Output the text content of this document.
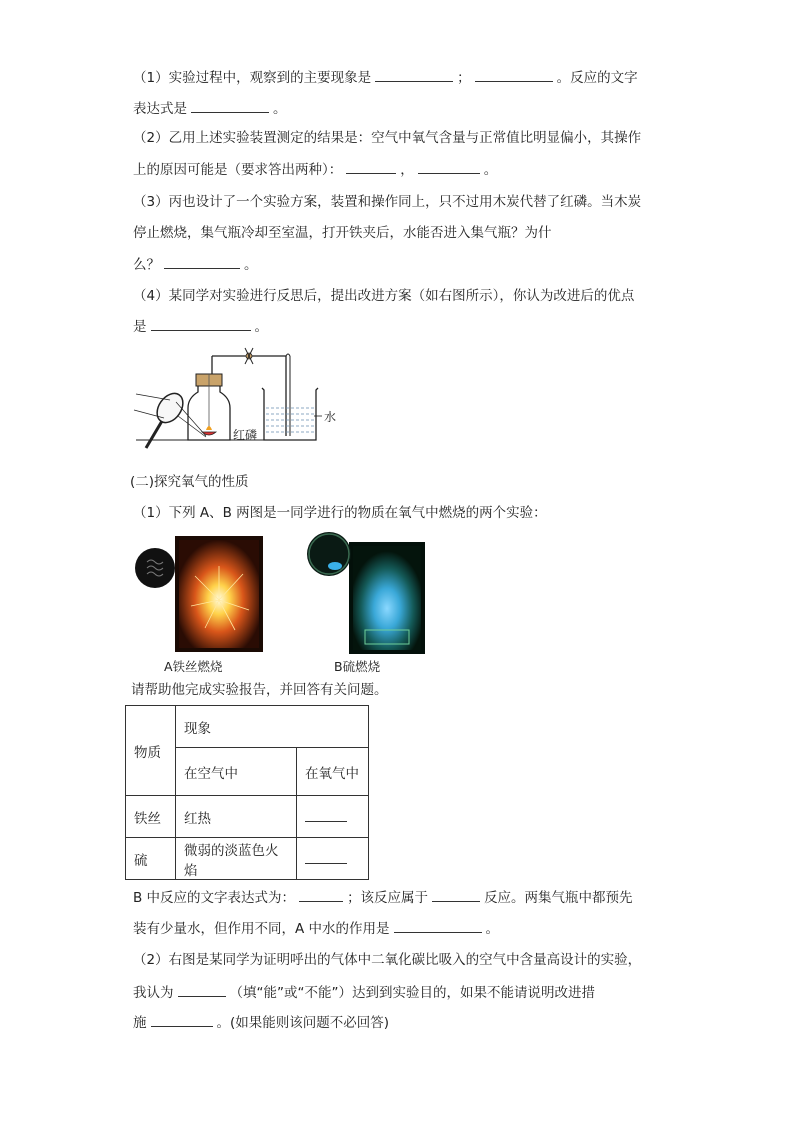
（1）实验过程中，观察到的主要现象是	；	。反应的文字
表达式是	。
（2）乙用上述实验装置测定的结果是：空气中氧气含量与正常值比明显偏小，其操作
上的原因可能是（要求答出两种）：	，	。
（3）丙也设计了一个实验方案，装置和操作同上，只不过用木炭代替了红磷。当木炭
停止燃烧，集气瓶冷却至室温，打开铁夹后，水能否进入集气瓶？为什
么？	。
（4）某同学对实验进行反思后，提出改进方案（如右图所示），你认为改进后的优点
是	。
水
红磷
(二)探究氧气的性质
（1）下列 A、B 两图是一同学进行的物质在氧气中燃烧的两个实验：
A铁丝燃烧	B硫燃烧
请帮助他完成实验报告，并回答有关问题。
物质	现象	
	在空气中	在氧气中
铁丝	红热	
硫	微弱的淡蓝色火焰	
B 中反应的文字表达式为：	；该反应属于	反应。两集气瓶中都预先
装有少量水，但作用不同，A 中水的作用是	。
（2）右图是某同学为证明呼出的气体中二氧化碳比吸入的空气中含量高设计的实验，
我认为	（填“能”或“不能”）达到到实验目的，如果不能请说明改进措
施	。(如果能则该问题不必回答)
